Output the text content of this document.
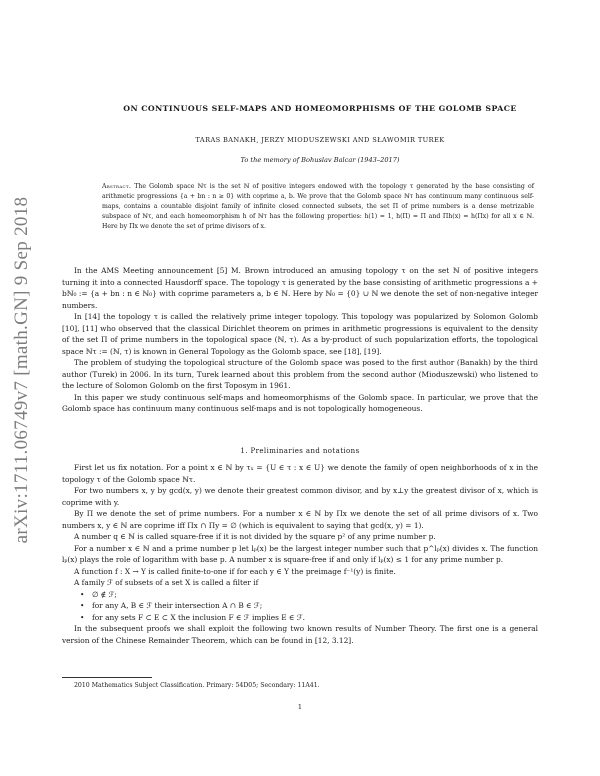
arXiv:1711.06749v7 [math.GN] 9 Sep 2018
ON CONTINUOUS SELF-MAPS AND HOMEOMORPHISMS OF THE GOLOMB SPACE
TARAS BANAKH, JERZY MIODUSZEWSKI AND SŁAWOMIR TUREK
To the memory of Bohuslav Balcar (1943–2017)
Abstract. The Golomb space ℕτ is the set ℕ of positive integers endowed with the topology τ generated by the base consisting of arithmetic progressions {a + bn : n ≥ 0} with coprime a, b. We prove that the Golomb space ℕτ has continuum many continuous self-maps, contains a countable disjoint family of infinite closed connected subsets, the set Π of prime numbers is a dense metrizable subspace of ℕτ, and each homeomorphism h of ℕτ has the following properties: h(1) = 1, h(Π) = Π and Πh(x) = h(Πx) for all x ∈ ℕ. Here by Πx we denote the set of prime divisors of x.

In the AMS Meeting announcement [5] M. Brown introduced an amusing topology τ on the set ℕ of positive integers turning it into a connected Hausdorff space. The topology τ is generated by the base consisting of arithmetic progressions a + bℕ₀ := {a + bn : n ∈ ℕ₀} with coprime parameters a, b ∈ ℕ. Here by ℕ₀ = {0} ∪ ℕ we denote the set of non-negative integer numbers.

In [14] the topology τ is called the relatively prime integer topology. This topology was popularized by Solomon Golomb [10], [11] who observed that the classical Dirichlet theorem on primes in arithmetic progressions is equivalent to the density of the set Π of prime numbers in the topological space (ℕ, τ). As a by-product of such popularization efforts, the topological space ℕτ := (ℕ, τ) is known in General Topology as the Golomb space, see [18], [19].

The problem of studying the topological structure of the Golomb space was posed to the first author (Banakh) by the third author (Turek) in 2006. In its turn, Turek learned about this problem from the second author (Mioduszewski) who listened to the lecture of Solomon Golomb on the first Toposym in 1961.

In this paper we study continuous self-maps and homeomorphisms of the Golomb space. In particular, we prove that the Golomb space has continuum many continuous self-maps and is not topologically homogeneous.

1. Preliminaries and notations

First let us fix notation. For a point x ∈ ℕ by τₓ = {U ∈ τ : x ∈ U} we denote the family of open neighborhoods of x in the topology τ of the Golomb space ℕτ.

For two numbers x, y by gcd(x, y) we denote their greatest common divisor, and by x⊥y the greatest divisor of x, which is coprime with y.

By Π we denote the set of prime numbers. For a number x ∈ ℕ by Πx we denote the set of all prime divisors of x. Two numbers x, y ∈ ℕ are coprime iff Πx ∩ Πy = ∅ (which is equivalent to saying that gcd(x, y) = 1).

A number q ∈ ℕ is called square-free if it is not divided by the square p² of any prime number p.

For a number x ∈ ℕ and a prime number p let lₚ(x) be the largest integer number such that p^lₚ(x) divides x. The function lₚ(x) plays the role of logarithm with base p. A number x is square-free if and only if lₚ(x) ≤ 1 for any prime number p.

A function f : X → Y is called finite-to-one if for each y ∈ Y the preimage f⁻¹(y) is finite.

A family ℱ of subsets of a set X is called a filter if

• ∅ ∉ ℱ;
• for any A, B ∈ ℱ their intersection A ∩ B ∈ ℱ;
• for any sets F ⊂ E ⊂ X the inclusion F ∈ ℱ implies E ∈ ℱ.

In the subsequent proofs we shall exploit the following two known results of Number Theory. The first one is a general version of the Chinese Remainder Theorem, which can be found in [12, 3.12].

2010 Mathematics Subject Classification. Primary: 54D05; Secondary: 11A41.
1
